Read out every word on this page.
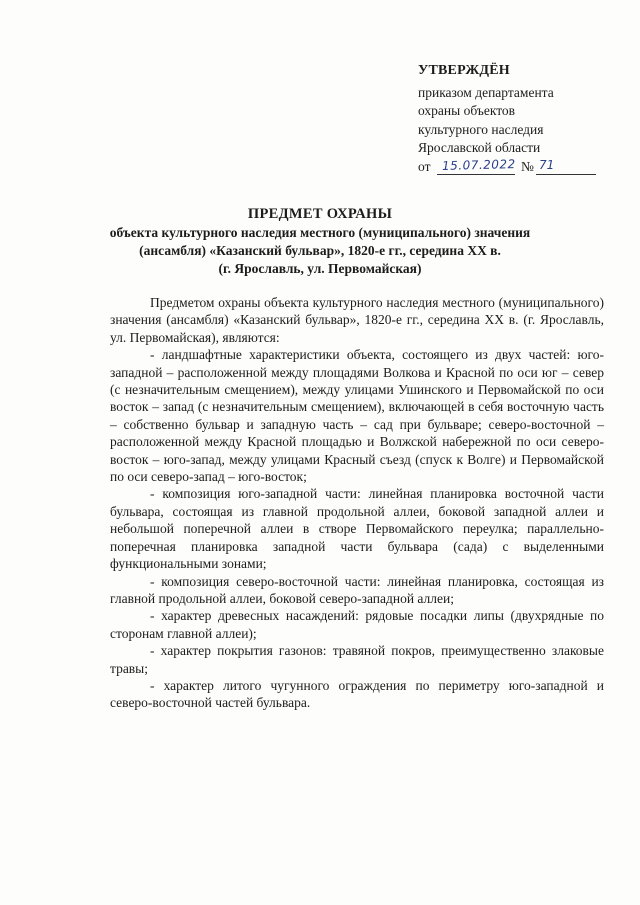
УТВЕРЖДЁН
приказом департамента
охраны объектов
культурного наследия
Ярославской области
от 15.07.2022 № 71
ПРЕДМЕТ ОХРАНЫ
объекта культурного наследия местного (муниципального) значения
(ансамбля) «Казанский бульвар», 1820-е гг., середина XX в.
(г. Ярославль, ул. Первомайская)

Предметом охраны объекта культурного наследия местного (муниципального) значения (ансамбля) «Казанский бульвар», 1820-е гг., середина XX в. (г. Ярославль, ул. Первомайская), являются:

- ландшафтные характеристики объекта, состоящего из двух частей: юго-западной – расположенной между площадями Волкова и Красной по оси юг – север (с незначительным смещением), между улицами Ушинского и Первомайской по оси восток – запад (с незначительным смещением), включающей в себя восточную часть – собственно бульвар и западную часть – сад при бульваре; северо-восточной – расположенной между Красной площадью и Волжской набережной по оси северо-восток – юго-запад, между улицами Красный съезд (спуск к Волге) и Первомайской по оси северо-запад – юго-восток;

- композиция юго-западной части: линейная планировка восточной части бульвара, состоящая из главной продольной аллеи, боковой западной аллеи и небольшой поперечной аллеи в створе Первомайского переулка; параллельно-поперечная планировка западной части бульвара (сада) с выделенными функциональными зонами;

- композиция северо-восточной части: линейная планировка, состоящая из главной продольной аллеи, боковой северо-западной аллеи;

- характер древесных насаждений: рядовые посадки липы (двухрядные по сторонам главной аллеи);

- характер покрытия газонов: травяной покров, преимущественно злаковые травы;

- характер литого чугунного ограждения по периметру юго-западной и северо-восточной частей бульвара.
